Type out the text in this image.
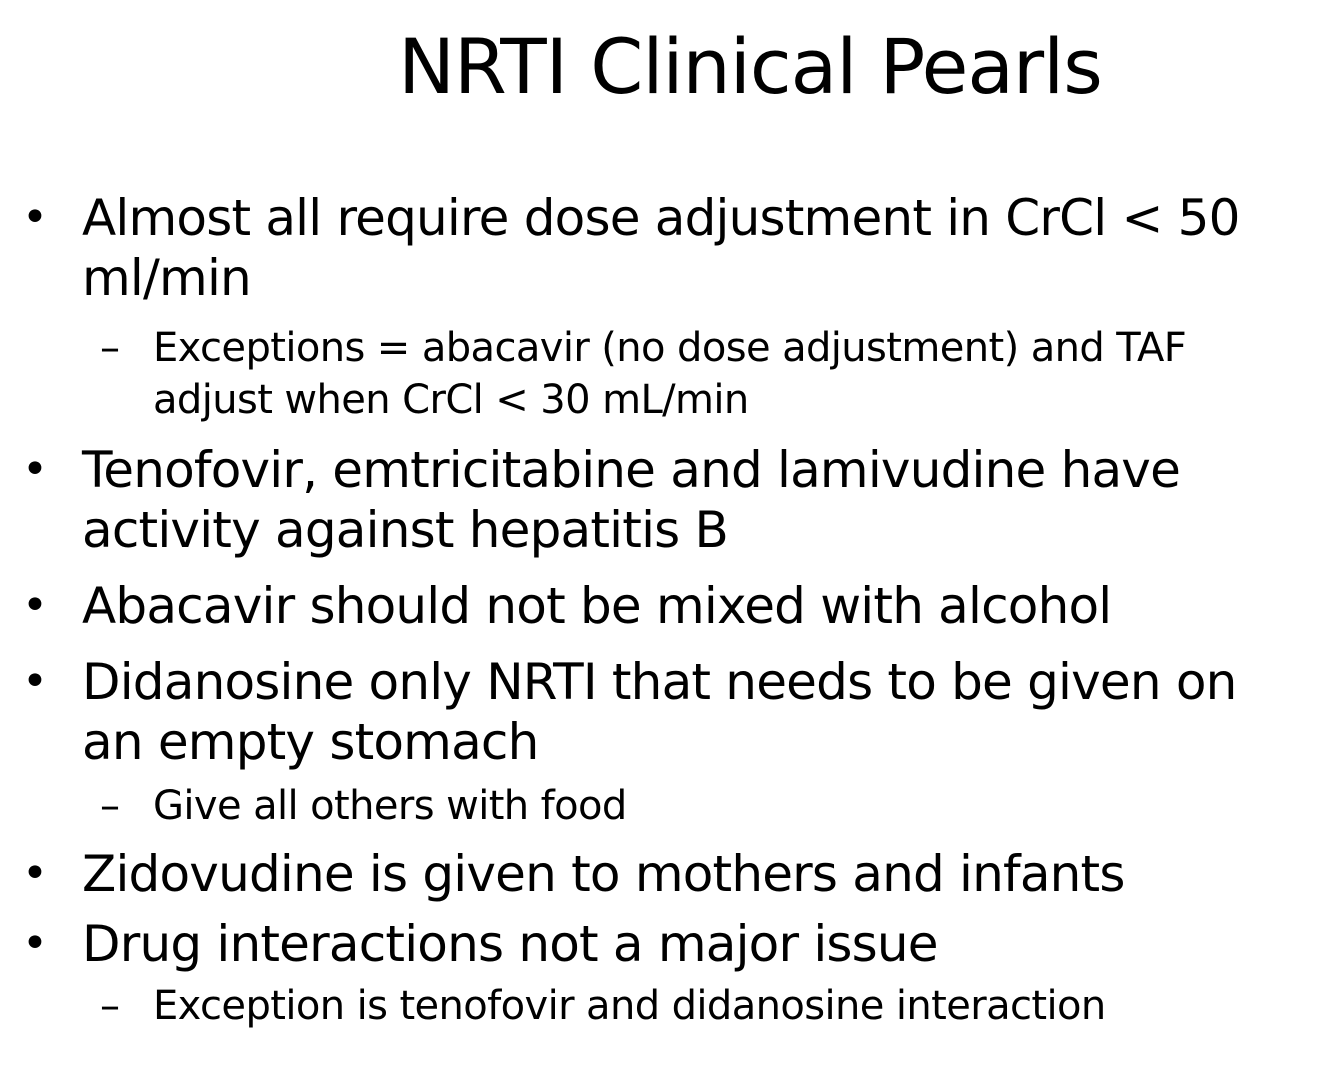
NRTI Clinical Pearls
• Almost all require dose adjustment in CrCl < 50
ml/min
– Exceptions = abacavir (no dose adjustment) and TAF
adjust when CrCl < 30 mL/min
• Tenofovir, emtricitabine and lamivudine have
activity against hepatitis B
• Abacavir should not be mixed with alcohol
• Didanosine only NRTI that needs to be given on
an empty stomach
– Give all others with food
• Zidovudine is given to mothers and infants
• Drug interactions not a major issue
– Exception is tenofovir and didanosine interaction
